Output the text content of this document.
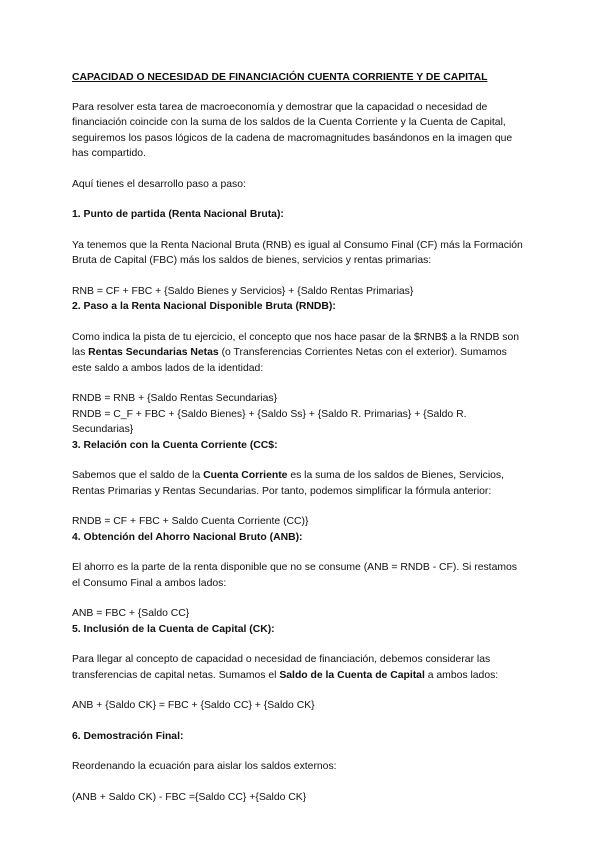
CAPACIDAD O NECESIDAD DE FINANCIACIÓN CUENTA CORRIENTE Y DE CAPITAL

Para resolver esta tarea de macroeconomía y demostrar que la capacidad o necesidad de financiación coincide con la suma de los saldos de la Cuenta Corriente y la Cuenta de Capital, seguiremos los pasos lógicos de la cadena de macromagnitudes basándonos en la imagen que has compartido.

Aquí tienes el desarrollo paso a paso:

1. Punto de partida (Renta Nacional Bruta):

Ya tenemos que la Renta Nacional Bruta (RNB) es igual al Consumo Final (CF) más la Formación Bruta de Capital (FBC) más los saldos de bienes, servicios y rentas primarias:

RNB = CF + FBC + {Saldo Bienes y Servicios} + {Saldo Rentas Primarias}
2. Paso a la Renta Nacional Disponible Bruta (RNDB):

Como indica la pista de tu ejercicio, el concepto que nos hace pasar de la $RNB$ a la RNDB son las Rentas Secundarias Netas (o Transferencias Corrientes Netas con el exterior). Sumamos este saldo a ambos lados de la identidad:

RNDB = RNB + {Saldo Rentas Secundarias}
RNDB = C_F + FBC + {Saldo Bienes} + {Saldo Ss} + {Saldo R. Primarias} + {Saldo R. Secundarias}
3. Relación con la Cuenta Corriente (CC$:

Sabemos que el saldo de la Cuenta Corriente es la suma de los saldos de Bienes, Servicios, Rentas Primarias y Rentas Secundarias. Por tanto, podemos simplificar la fórmula anterior:

RNDB = CF + FBC + Saldo Cuenta Corriente (CC)}
4. Obtención del Ahorro Nacional Bruto (ANB):

El ahorro es la parte de la renta disponible que no se consume (ANB = RNDB - CF). Si restamos el Consumo Final a ambos lados:

ANB = FBC + {Saldo CC}
5. Inclusión de la Cuenta de Capital (CK):

Para llegar al concepto de capacidad o necesidad de financiación, debemos considerar las transferencias de capital netas. Sumamos el Saldo de la Cuenta de Capital a ambos lados:

ANB + {Saldo CK} = FBC + {Saldo CC} + {Saldo CK}

6. Demostración Final:

Reordenando la ecuación para aislar los saldos externos:

(ANB + Saldo CK) - FBC ={Saldo CC} +{Saldo CK}
